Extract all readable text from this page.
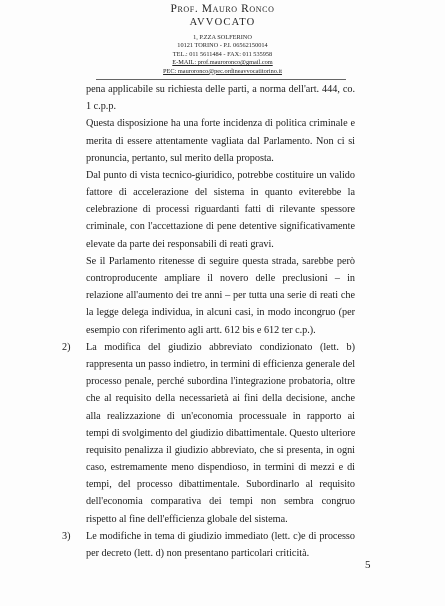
Prof. Mauro Ronco

AVVOCATO

1, P.ZZA SOLFERINO

10121 TORINO - P.I. 06562150014

TEL.: 011 5611484 - FAX: 011 535958

E-MAIL: prof.mauroronco@gmail.com

PEC: mauroronco@pec.ordineavvocatitorino.it

pena applicabile su richiesta delle parti, a norma dell'art. 444, co.
1 c.p.p.
Questa disposizione ha una forte incidenza di politica criminale e
merita di essere attentamente vagliata dal Parlamento. Non ci si
pronuncia, pertanto, sul merito della proposta.
Dal punto di vista tecnico-giuridico, potrebbe costituire un valido
fattore di accelerazione del sistema in quanto eviterebbe la
celebrazione di processi riguardanti fatti di rilevante spessore
criminale, con l'accettazione di pene detentive significativamente
elevate da parte dei responsabili di reati gravi.
Se il Parlamento ritenesse di seguire questa strada, sarebbe però
controproducente ampliare il novero delle preclusioni – in
relazione all'aumento dei tre anni – per tutta una serie di reati che
la legge delega individua, in alcuni casi, in modo incongruo (per
esempio con riferimento agli artt. 612 bis e 612 ter c.p.).
2) La modifica del giudizio abbreviato condizionato (lett. b)
rappresenta un passo indietro, in termini di efficienza generale del
processo penale, perché subordina l'integrazione probatoria, oltre
che al requisito della necessarietà ai fini della decisione, anche
alla realizzazione di un'economia processuale in rapporto ai
tempi di svolgimento del giudizio dibattimentale. Questo ulteriore
requisito penalizza il giudizio abbreviato, che si presenta, in ogni
caso, estremamente meno dispendioso, in termini di mezzi e di
tempi, del processo dibattimentale. Subordinarlo al requisito
dell'economia comparativa dei tempi non sembra congruo
rispetto al fine dell'efficienza globale del sistema.
Le modifiche in tema di giudizio immediato (lett. c)e di processo
per decreto (lett. d) non presentano particolari criticità.
3)
5
